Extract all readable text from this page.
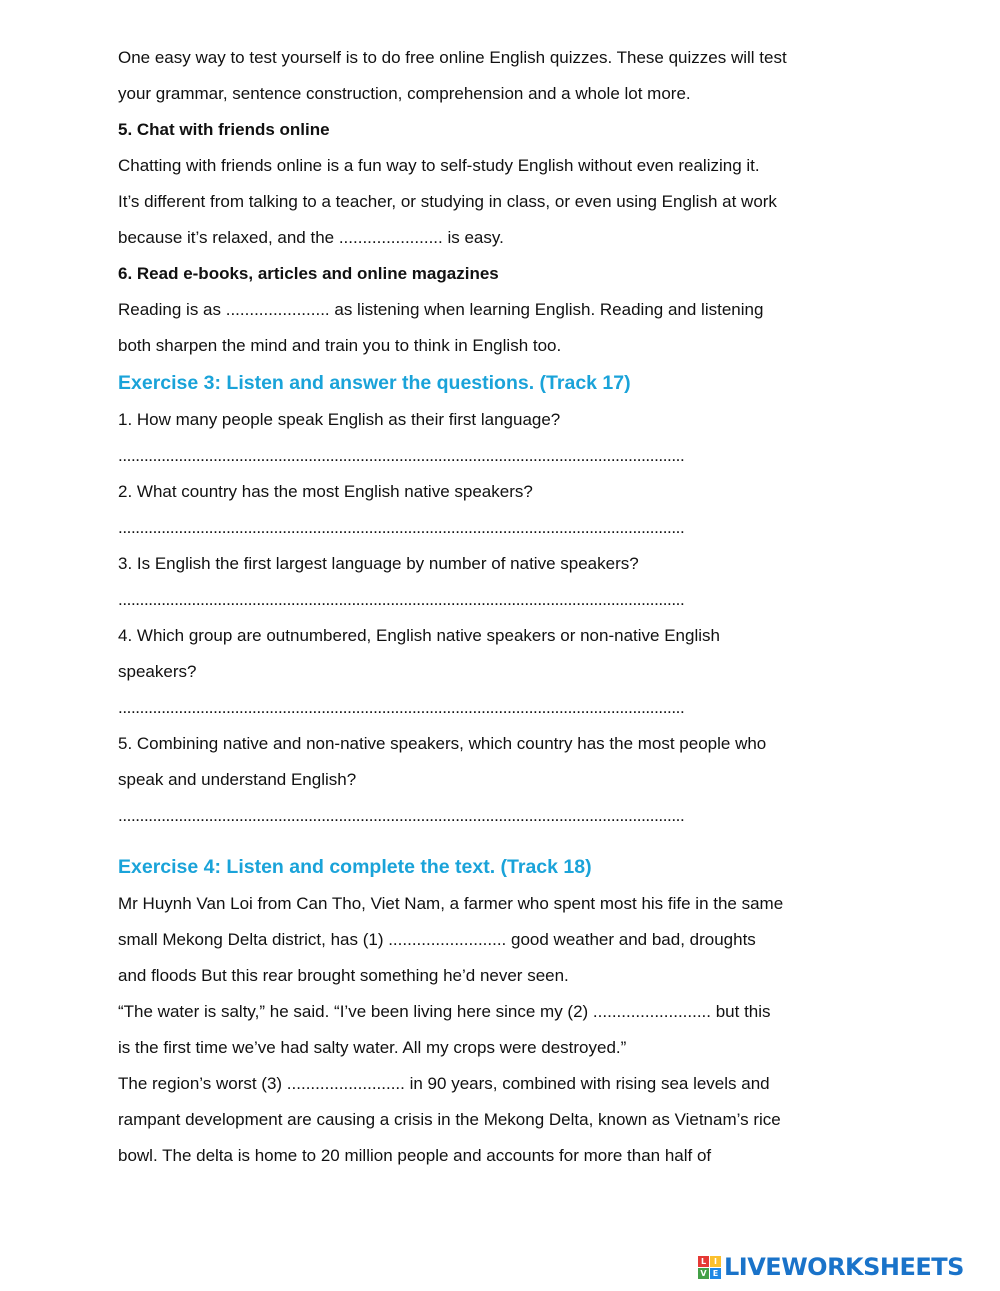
One easy way to test yourself is to do free online English quizzes. These quizzes will test
your grammar, sentence construction, comprehension and a whole lot more.
5. Chat with friends online
Chatting with friends online is a fun way to self-study English without even realizing it.
It’s different from talking to a teacher, or studying in class, or even using English at work
because it’s relaxed, and the ...................... is easy.
6. Read e-books, articles and online magazines
Reading is as ...................... as listening when learning English. Reading and listening
both sharpen the mind and train you to think in English too.
Exercise 3: Listen and answer the questions. (Track 17)
1. How many people speak English as their first language?
...................................................................................................................................
2. What country has the most English native speakers?
...................................................................................................................................
3. Is English the first largest language by number of native speakers?
...................................................................................................................................
4. Which group are outnumbered, English native speakers or non-native English
speakers?
...................................................................................................................................
5. Combining native and non-native speakers, which country has the most people who
speak and understand English?
...................................................................................................................................
Exercise 4: Listen and complete the text. (Track 18)
Mr Huynh Van Loi from Can Tho, Viet Nam, a farmer who spent most his fife in the same
small Mekong Delta district, has (1) ......................... good weather and bad, droughts
and floods But this rear brought something he’d never seen.
“The water is salty,” he said. “I’ve been living here since my (2) ......................... but this
is the first time we’ve had salty water. All my crops were destroyed.”
The region’s worst (3) ......................... in 90 years, combined with rising sea levels and
rampant development are causing a crisis in the Mekong Delta, known as Vietnam’s rice
bowl. The delta is home to 20 million people and accounts for more than half of
L I
V E LIVEWORKSHEETS
